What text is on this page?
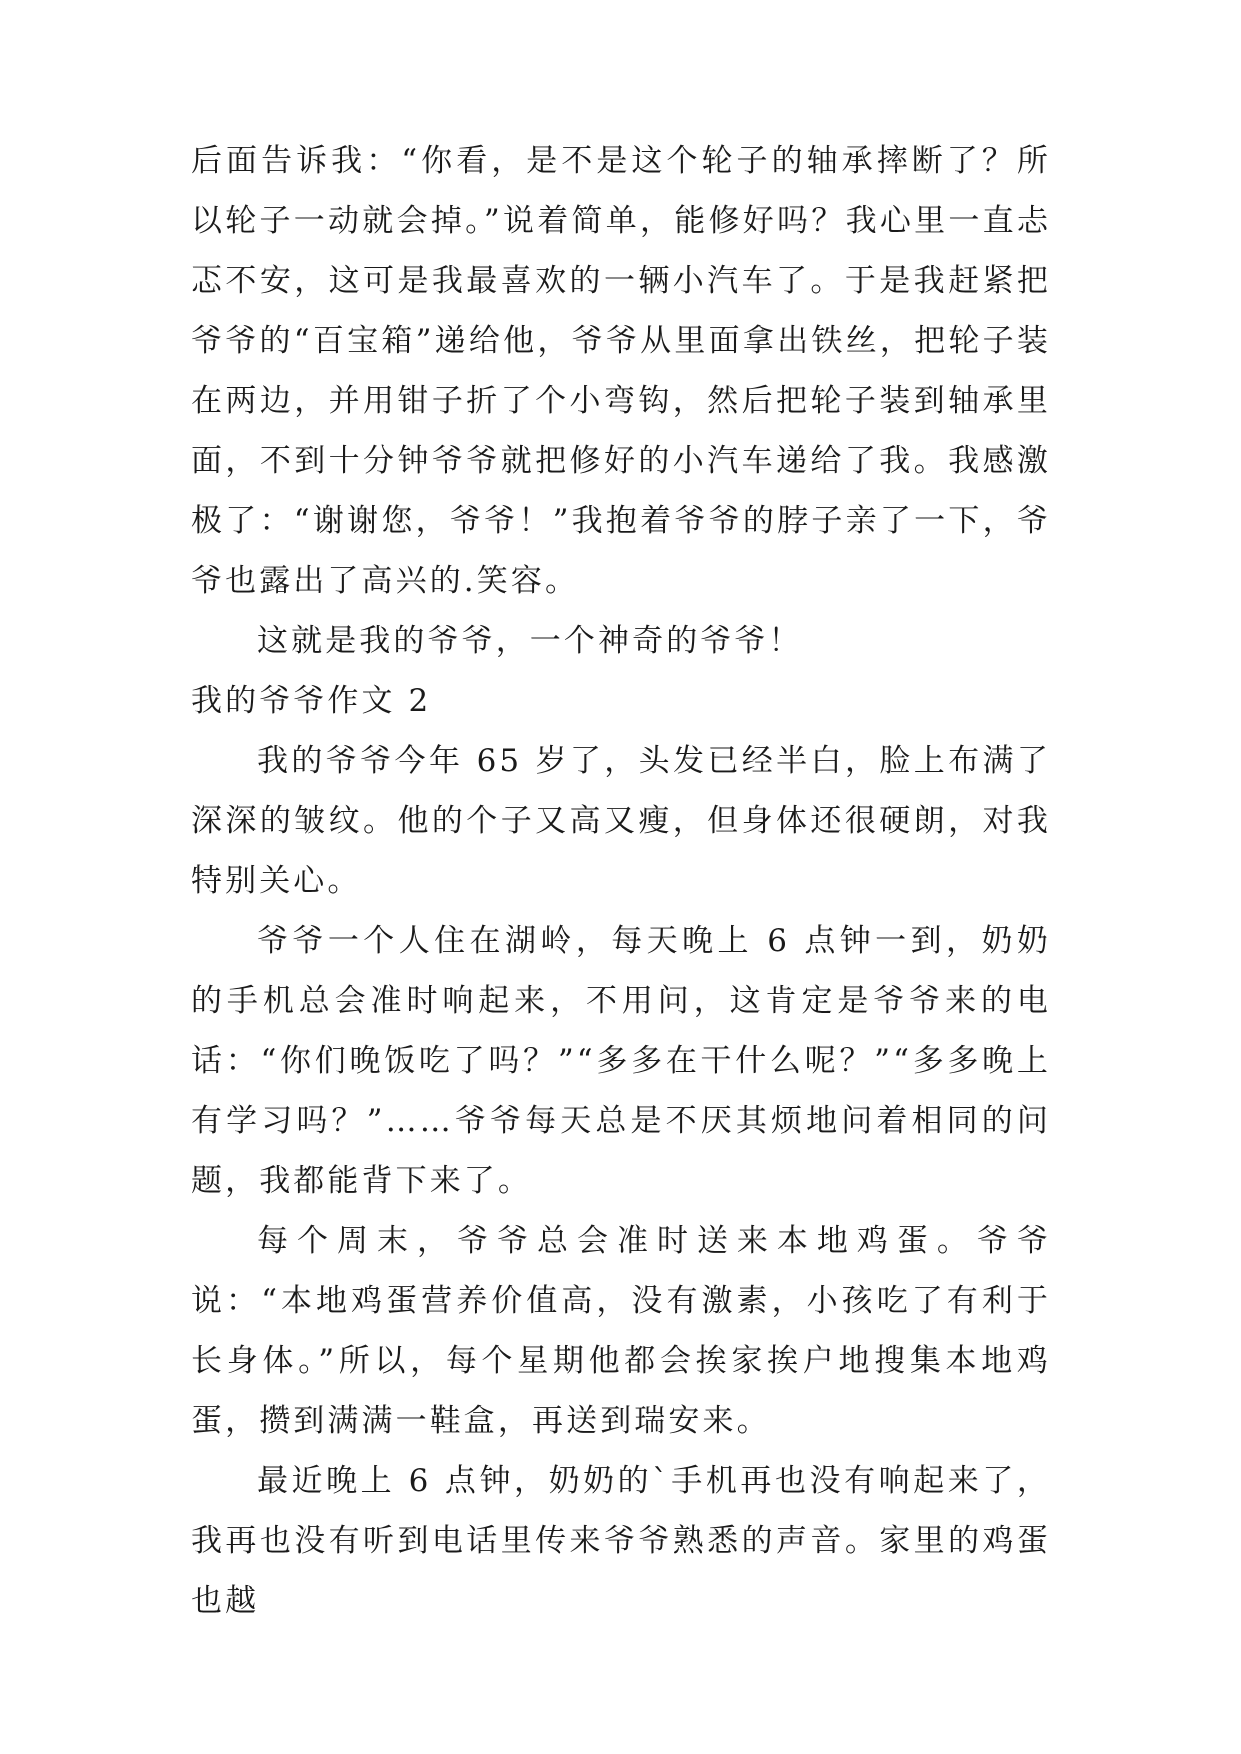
后面告诉我：“你看，是不是这个轮子的轴承摔断了？所以轮子一动就会掉。”说着简单，能修好吗？我心里一直忐忑不安，这可是我最喜欢的一辆小汽车了。于是我赶紧把爷爷的“百宝箱”递给他，爷爷从里面拿出铁丝，把轮子装在两边，并用钳子折了个小弯钩，然后把轮子装到轴承里面，不到十分钟爷爷就把修好的小汽车递给了我。我感激极了：“谢谢您，爷爷！”我抱着爷爷的脖子亲了一下，爷爷也露出了高兴的.笑容。

这就是我的爷爷，一个神奇的爷爷！

我的爷爷作文 2

我的爷爷今年 65 岁了，头发已经半白，脸上布满了深深的皱纹。他的个子又高又瘦，但身体还很硬朗，对我特别关心。

爷爷一个人住在湖岭，每天晚上 6 点钟一到，奶奶的手机总会准时响起来，不用问，这肯定是爷爷来的电话：“你们晚饭吃了吗？”“多多在干什么呢？”“多多晚上有学习吗？”……爷爷每天总是不厌其烦地问着相同的问题，我都能背下来了。

每个周末，爷爷总会准时送来本地鸡蛋。爷爷说：“本地鸡蛋营养价值高，没有激素，小孩吃了有利于长身体。”所以，每个星期他都会挨家挨户地搜集本地鸡蛋，攒到满满一鞋盒，再送到瑞安来。

最近晚上 6 点钟，奶奶的`手机再也没有响起来了，我再也没有听到电话里传来爷爷熟悉的声音。家里的鸡蛋也越
